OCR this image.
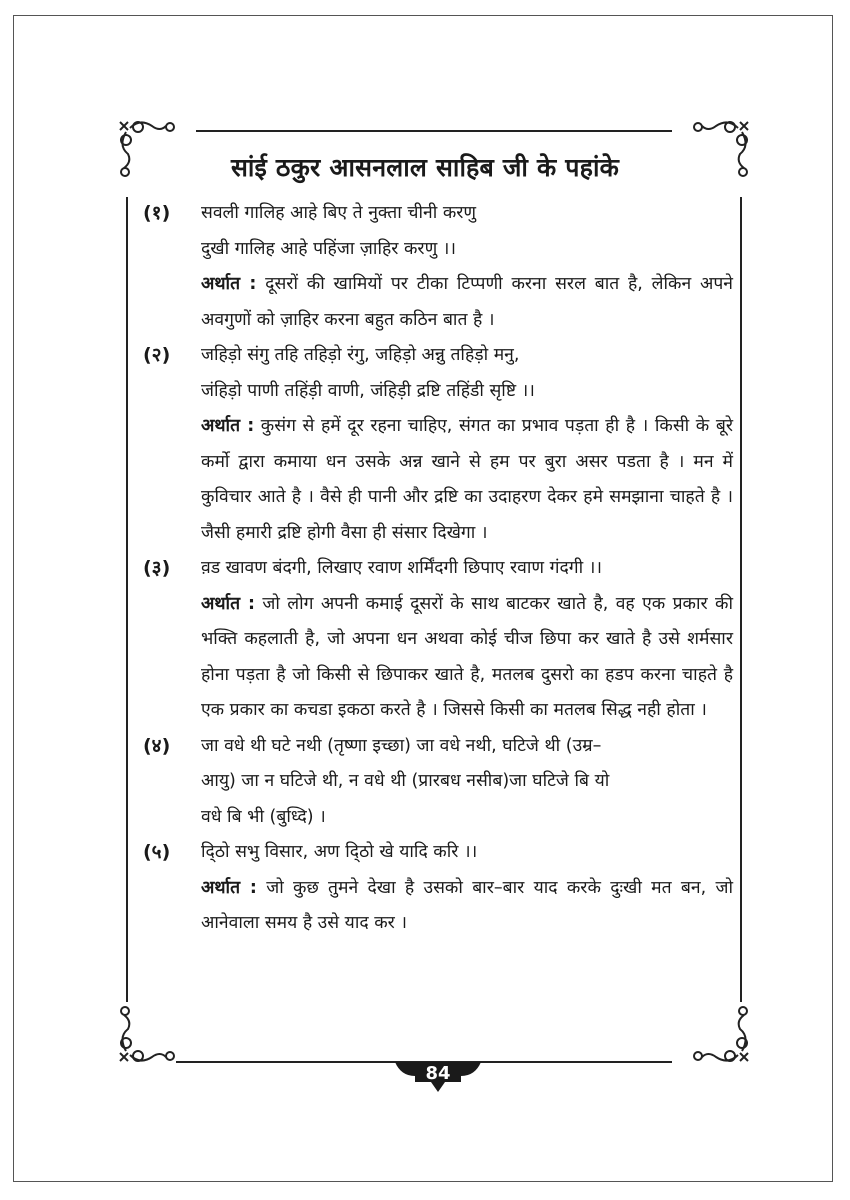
सांई ठकुर आसनलाल साहिब जी के पहांके
(१) सवली गालिह आहे बिए ते नुक्ता चीनी करणु
दुखी गालिह आहे पहिंजा ज़ाहिर करणु ।।
अर्थात : दूसरों की खामियों पर टीका टिप्पणी करना सरल बात है, लेकिन अपने अवगुणों को ज़ाहिर करना बहुत कठिन बात है ।
(२) जहिड़ो संगु तहि तहिड़ो रंगु, जहिड़ो अन्नु तहिड़ो मनु,
जंहिड़ो पाणी तहिंड़ी वाणी, जंहिड़ी द्रष्टि तहिंडी सृष्टि ।।
अर्थात : कुसंग से हमें दूर रहना चाहिए, संगत का प्रभाव पड़ता ही है । किसी के बूरे कर्मो द्वारा कमाया धन उसके अन्न खाने से हम पर बुरा असर पडता है । मन में कुविचार आते है । वैसे ही पानी और द्रष्टि का उदाहरण देकर हमे समझाना चाहते है । जैसी हमारी द्रष्टि होगी वैसा ही संसार दिखेगा ।
(३) व़ड खावण बंदगी, लिखाए रवाण शर्मिंदगी छिपाए रवाण गंदगी ।।
अर्थात : जो लोग अपनी कमाई दूसरों के साथ बाटकर खाते है, वह एक प्रकार की भक्ति कहलाती है, जो अपना धन अथवा कोई चीज छिपा कर खाते है उसे शर्मसार होना पड़ता है जो किसी से छिपाकर खाते है, मतलब दुसरो का हडप करना चाहते है एक प्रकार का कचडा इकठा करते है । जिससे किसी का मतलब सिद्ध नही होता ।
(४) जा वधे थी घटे नथी (तृष्णा इच्छा) जा वधे नथी, घटिजे थी (उम्र–
आयु) जा न घटिजे थी, न वधे थी (प्रारबध नसीब)जा घटिजे बि यो
वधे बि भी (बुध्दि) ।
(५) दि्ठो सभु विसार, अण दि्ठो खे यादि करि ।।
अर्थात : जो कुछ तुमने देखा है उसको बार–बार याद करके दुःखी मत बन, जो आनेवाला समय है उसे याद कर ।
84
